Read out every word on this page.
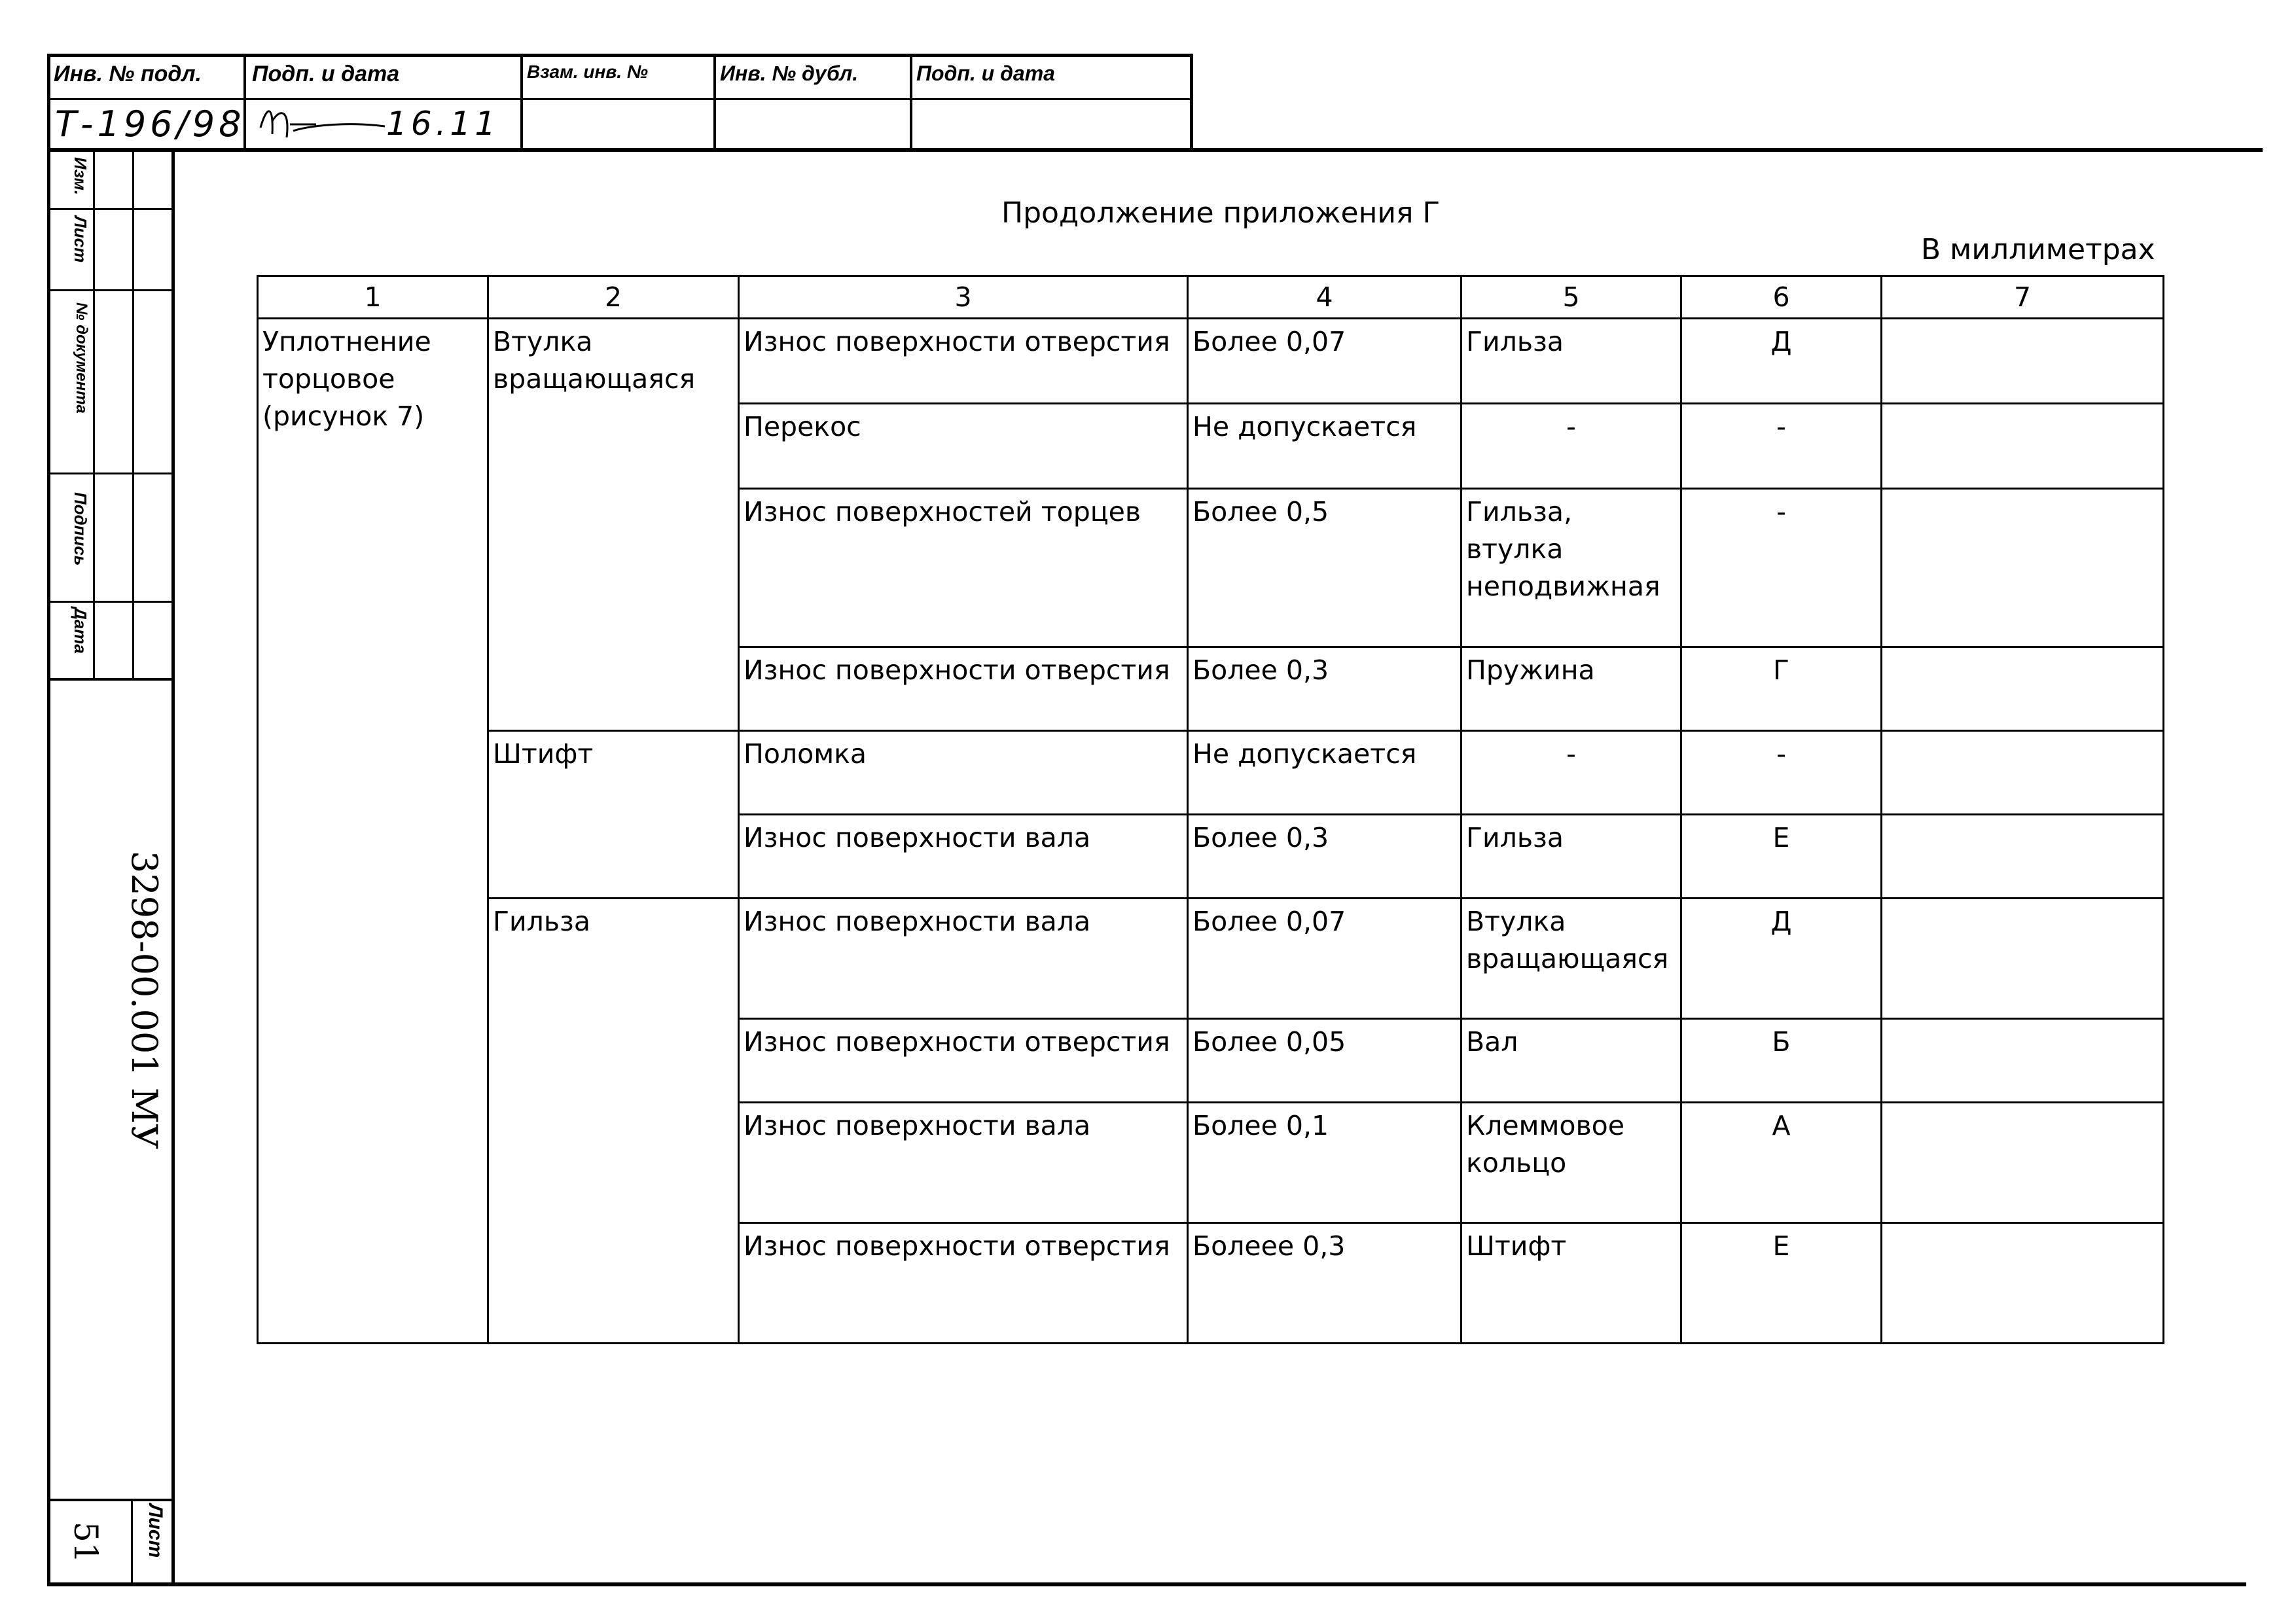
Инв. № подл. Подп. и дата	Взам. инв. №	Инв. № дубл.	Подп. и дата
Т-196/98	16.11
Изм.
Лист
№ документа
Подпись
Дата
3298-00.001 МУ
Лист
51
Продолжение приложения Г
В миллиметрах
1	2	3	4	5	6	7
Уплотнение торцовое (рисунок 7)	Втулка вращающаяся	Износ поверхности отверстия	Более 0,07	Гильза	Д	
		Перекос	Не допускается	-	-	
		Износ поверхностей торцев	Более 0,5	Гильза, втулка неподвижная	-	
		Износ поверхности отверстия	Более 0,3	Пружина	Г	
	Штифт	Поломка	Не допускается	-	-	
		Износ поверхности вала	Более 0,3	Гильза	Е	
	Гильза	Износ поверхности вала	Более 0,07	Втулка вращающаяся	Д	
		Износ поверхности отверстия	Более 0,05	Вал	Б	
		Износ поверхности вала	Более 0,1	Клеммовое кольцо	А	
		Износ поверхности отверстия	Болеее 0,3	Штифт	Е	
